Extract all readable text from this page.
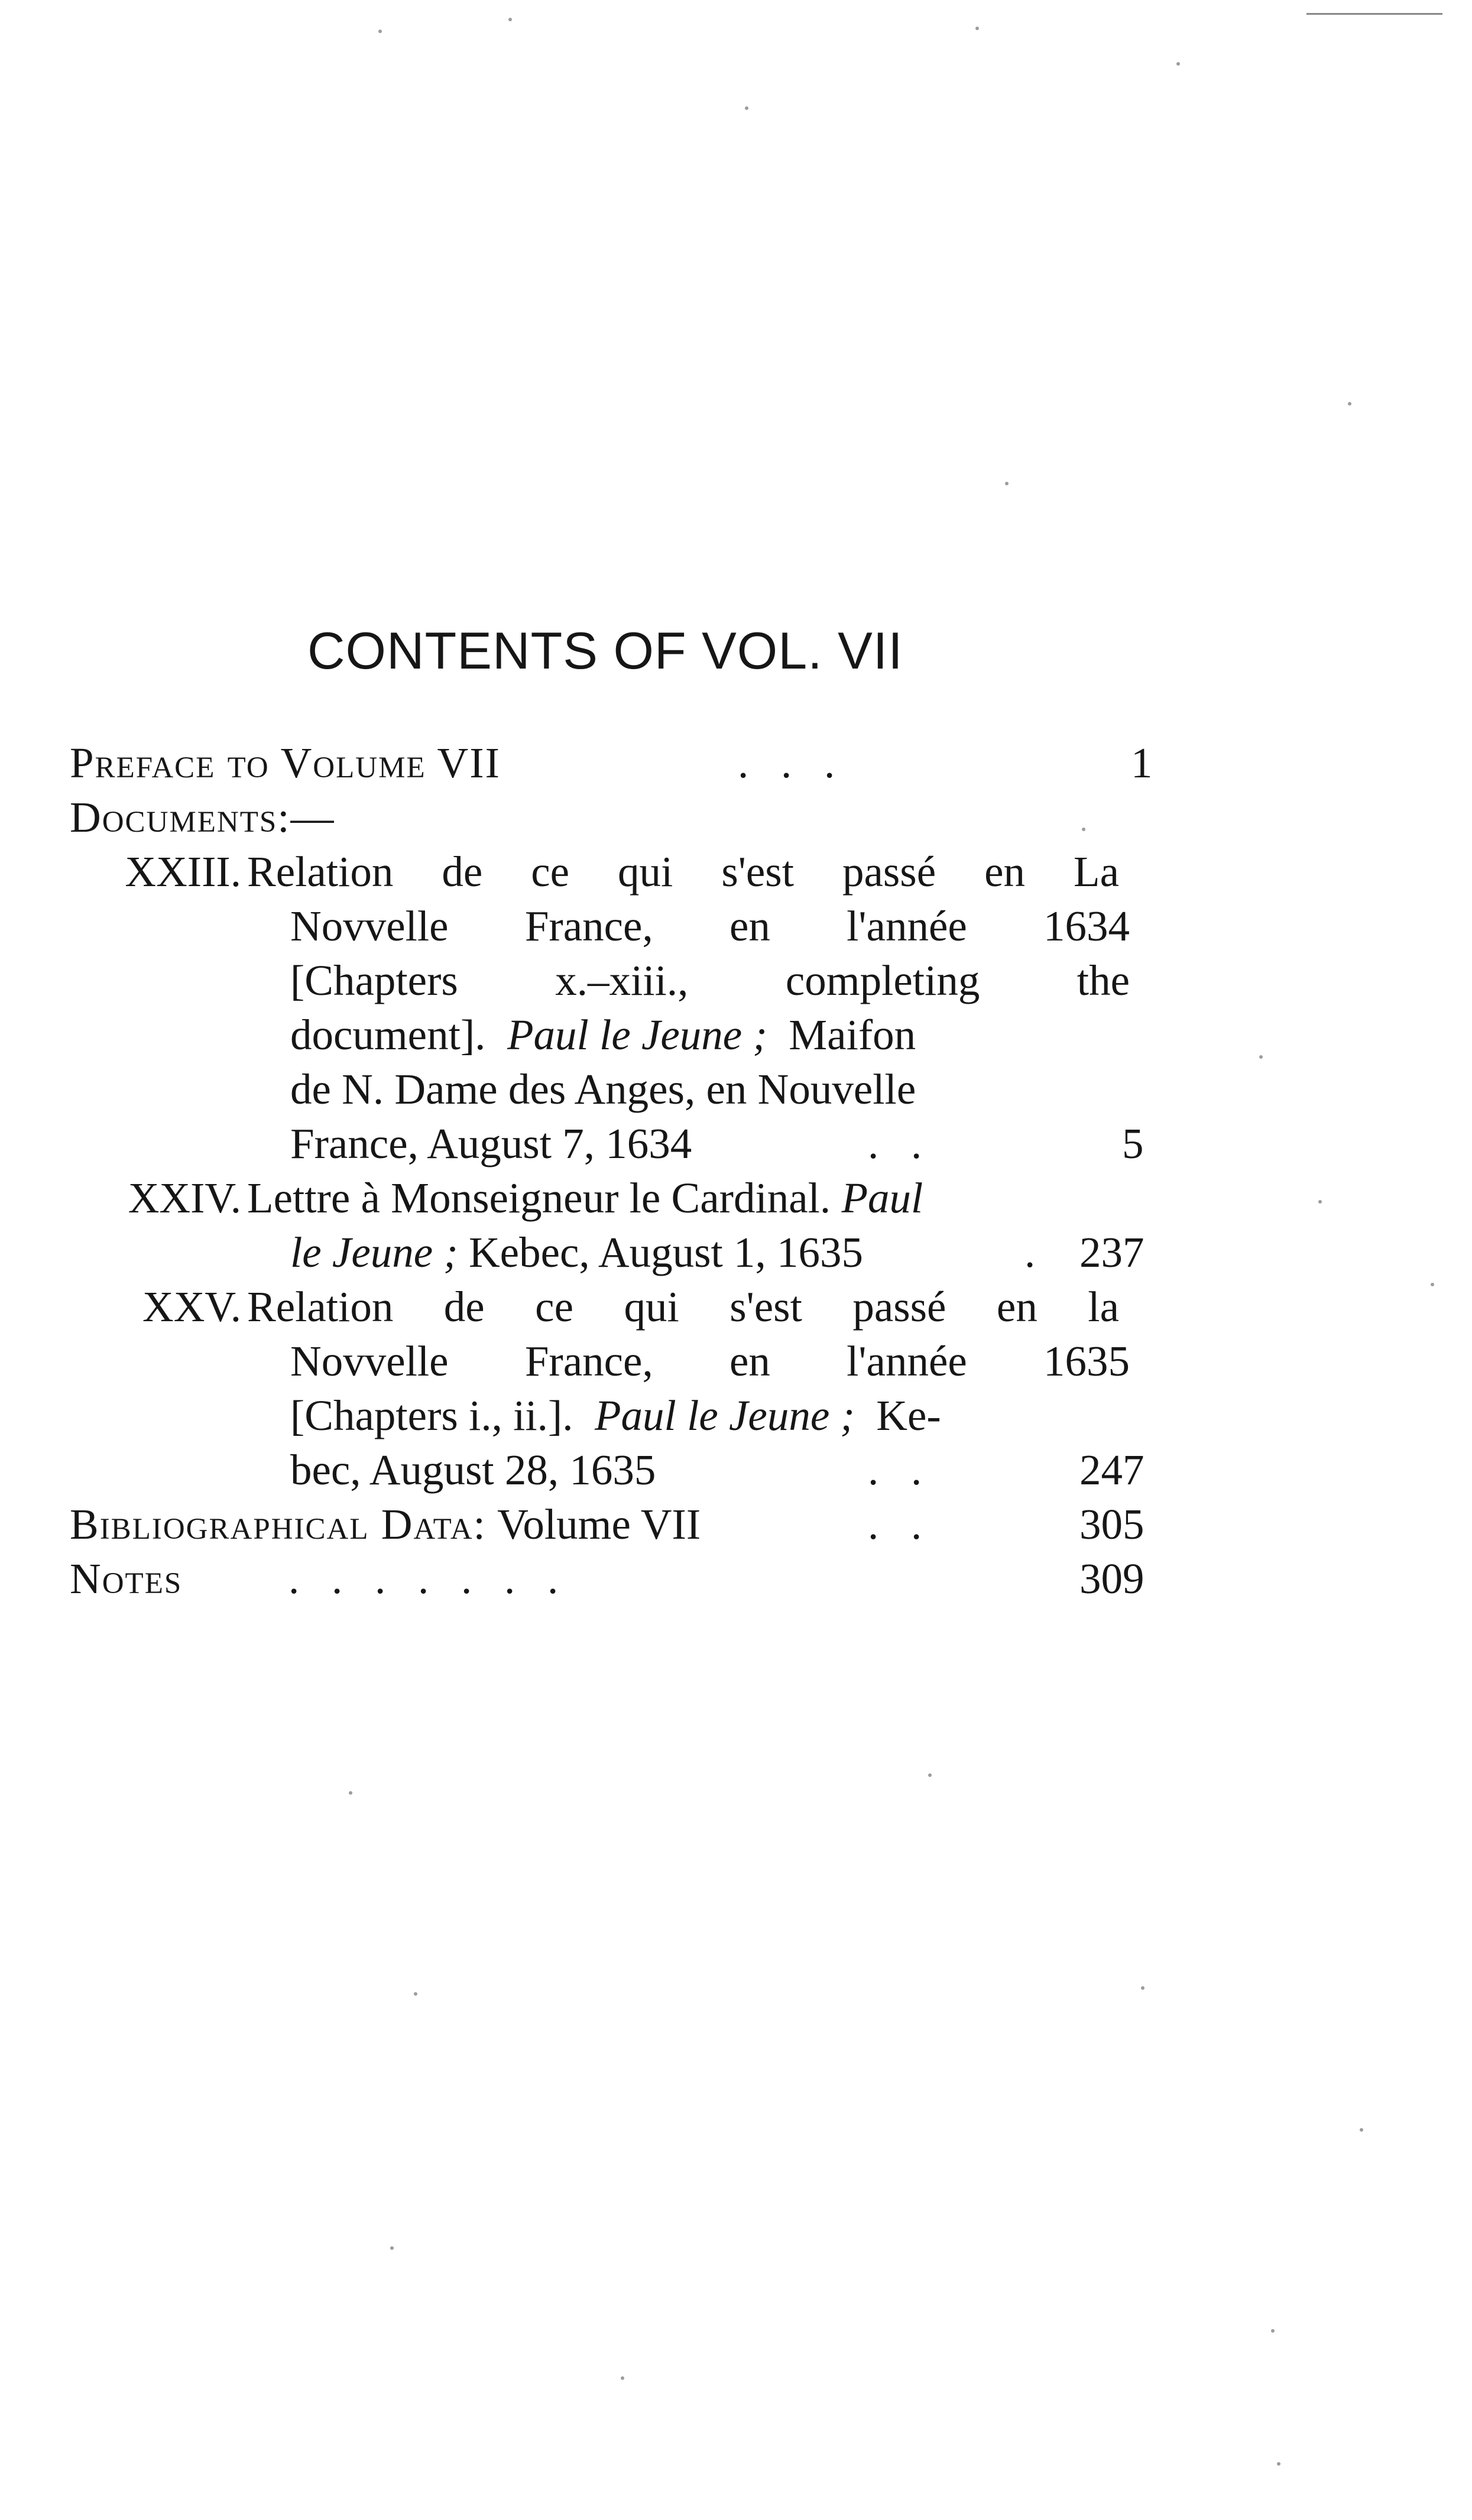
CONTENTS OF VOL. VII
Preface to Volume VII	.   .   .	1
Documents:—
XXIII. Relation de ce qui s'est passé en La
Novvelle France, en l'année 1634
[Chapters x.–xiii., completing the
document]. Paul le Jeune ; Maifon
de N. Dame des Anges, en Nouvelle
France, August 7, 1634	.   .	5
XXIV. Lettre à Monseigneur le Cardinal. Paul
le Jeune ; Kebec, August 1, 1635	. 237
XXV. Relation de ce qui s'est passé en la
Novvelle France, en l'année 1635
[Chapters i., ii.]. Paul le Jeune ; Ke-
bec, August 28, 1635	.   .	247
Bibliographical Data: Volume VII	.   .	305
Notes .   .   .   .   .   .   .	309
